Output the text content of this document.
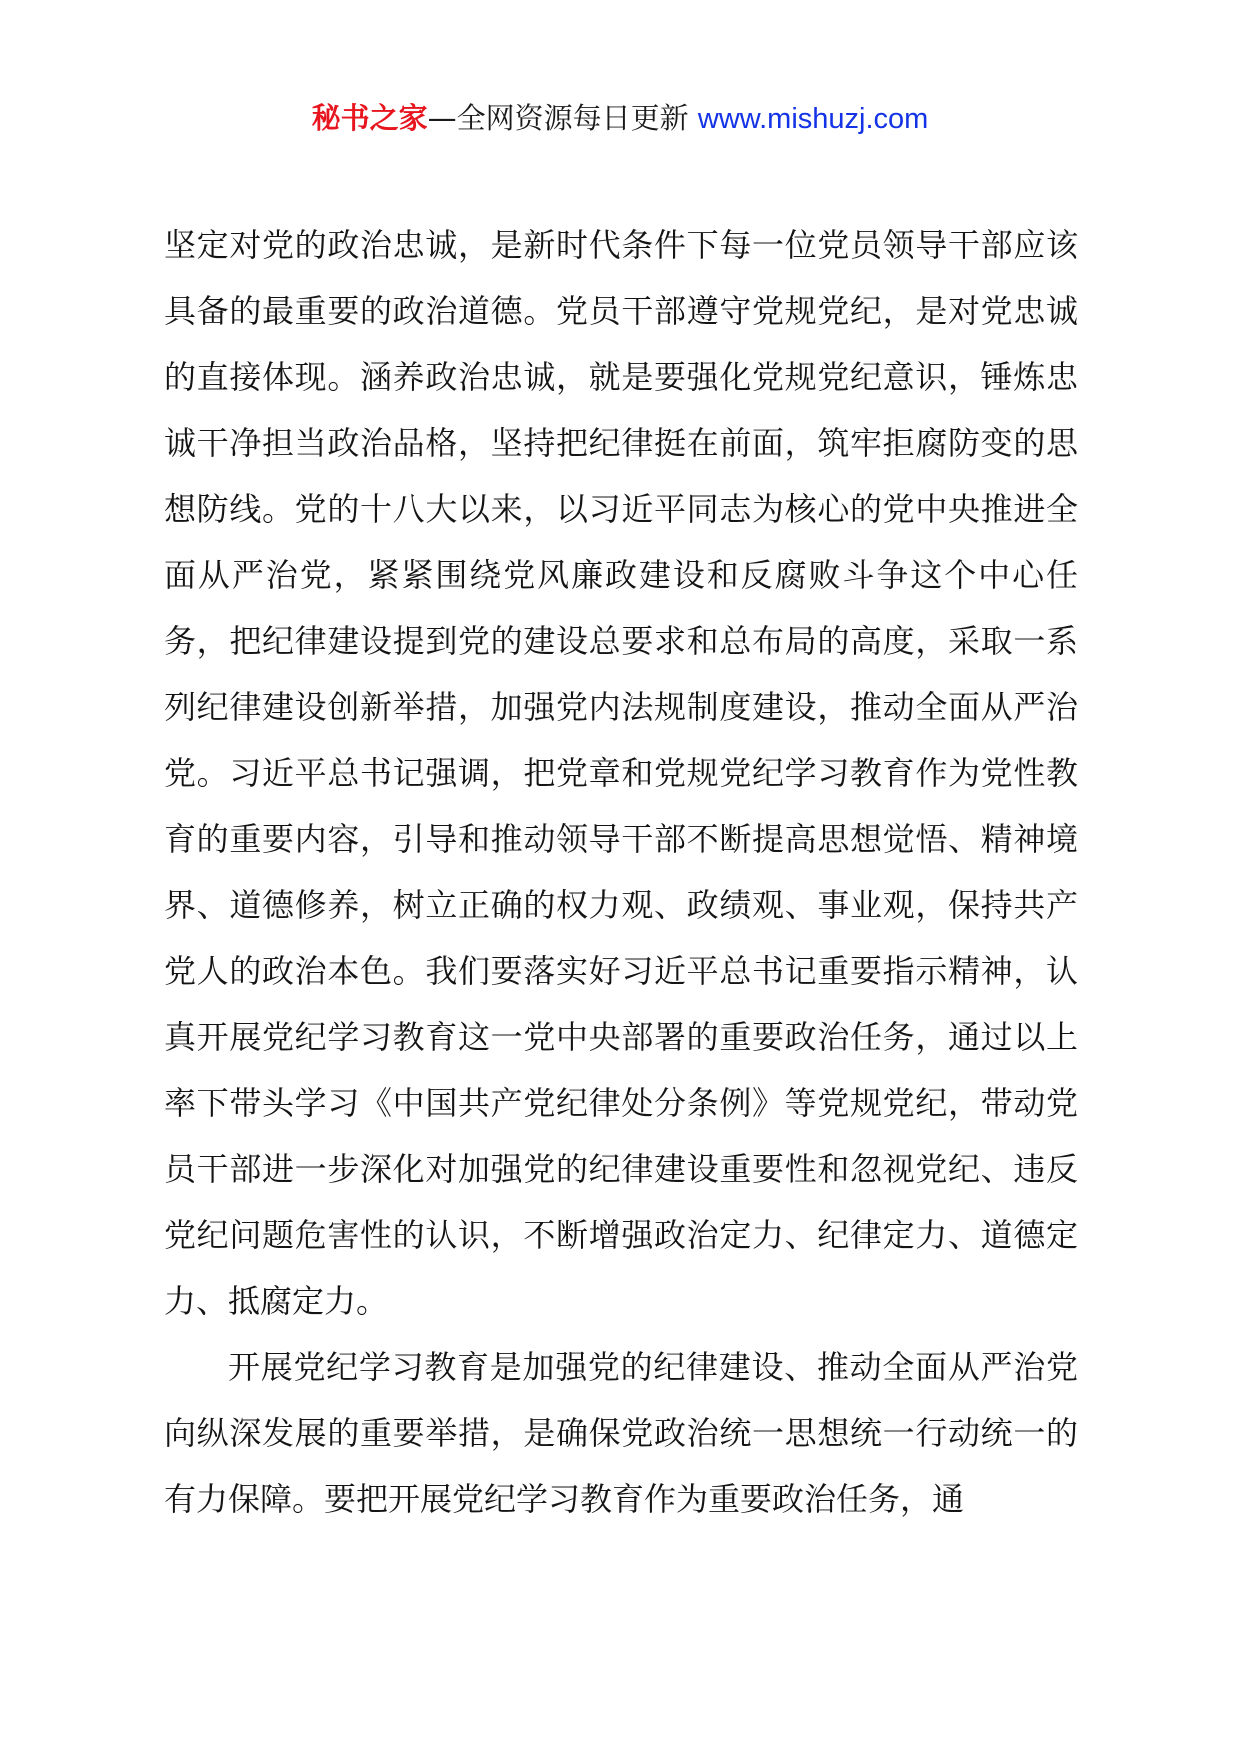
秘书之家—全网资源每日更新 www.mishuzj.com

坚定对党的政治忠诚，是新时代条件下每一位党员领导干部应该具备的最重要的政治道德。党员干部遵守党规党纪，是对党忠诚的直接体现。涵养政治忠诚，就是要强化党规党纪意识，锤炼忠诚干净担当政治品格，坚持把纪律挺在前面，筑牢拒腐防变的思想防线。党的十八大以来，以习近平同志为核心的党中央推进全面从严治党，紧紧围绕党风廉政建设和反腐败斗争这个中心任务，把纪律建设提到党的建设总要求和总布局的高度，采取一系列纪律建设创新举措，加强党内法规制度建设，推动全面从严治党。习近平总书记强调，把党章和党规党纪学习教育作为党性教育的重要内容，引导和推动领导干部不断提高思想觉悟、精神境界、道德修养，树立正确的权力观、政绩观、事业观，保持共产党人的政治本色。我们要落实好习近平总书记重要指示精神，认真开展党纪学习教育这一党中央部署的重要政治任务，通过以上率下带头学习《中国共产党纪律处分条例》等党规党纪，带动党员干部进一步深化对加强党的纪律建设重要性和忽视党纪、违反党纪问题危害性的认识，不断增强政治定力、纪律定力、道德定力、抵腐定力。

开展党纪学习教育是加强党的纪律建设、推动全面从严治党向纵深发展的重要举措，是确保党政治统一思想统一行动统一的有力保障。要把开展党纪学习教育作为重要政治任务，通
